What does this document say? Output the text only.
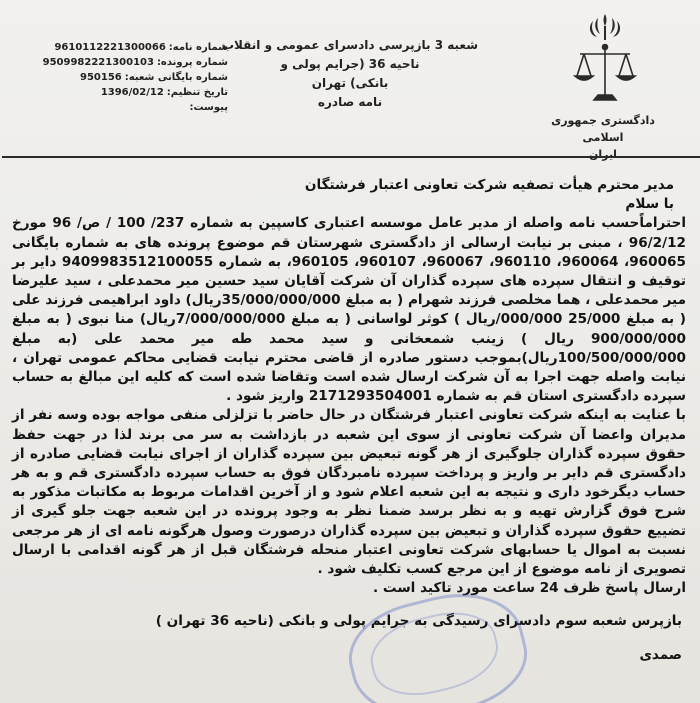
دادگستری جمهوری اسلامی
ایران
شعبه 3 بازپرسی دادسرای عمومی و انقلاب ناحیه 36 (جرایم پولی و
بانکی) تهران
نامه صادره
شماره نامه:
9610112221300066
شماره پرونده:
9509982221300103
شماره بایگانی شعبه:
950156
تاریخ تنظیم:
1396/02/12
پیوست:

مدیر محترم هیأت تصفیه شرکت تعاونی اعتبار فرشتگان

با سلام

احتراماًحسب نامه واصله از مدیر عامل موسسه اعتباری کاسپین به شماره 237/ 100 / ص/ 96 مورخ 96/2/12 ، مبنی بر نیابت ارسالی از دادگستری شهرستان قم موضوع پرونده های به شماره بایگانی 960065، 960064، 960110، 960067، 960107، 960105، به شماره 9409983512100055 دایر بر توقیف و انتقال سپرده های سپرده گذاران آن شرکت آقایان سید حسین میر محمدعلی ، سید علیرضا میر محمدعلی ، هما مخلصی فرزند شهرام ( به مبلغ 35/000/000/000ریال) داود ابراهیمی فرزند علی ( به مبلغ 25/000 000/000/ریال ) کوثر لواسانی ( به مبلغ 7/000/000/000ریال) منا نبوی ( به مبلغ 900/000/000 ریال ) زینب شمعخانی و سید محمد طه میر محمد علی (به مبلغ 100/500/000/000ریال)بموجب دستور صادره از قاضی محترم نیابت قضایی محاکم عمومی تهران ، نیابت واصله جهت اجرا به آن شرکت ارسال شده است وتقاضا شده است که کلیه این مبالغ به حساب سپرده دادگستری استان قم به شماره 2171293504001 واریز شود .

با عنایت به اینکه شرکت تعاونی اعتبار فرشتگان در حال حاضر با تزلزلی منفی مواجه بوده وسه نفر از مدیران واعضا آن شرکت تعاونی از سوی این شعبه در بازداشت به سر می برند لذا در جهت حفظ حقوق سپرده گذاران جلوگیری از هر گونه تبعیض بین سپرده گذاران از اجرای نیابت قضایی صادره از دادگستری قم دایر بر واریز و پرداخت سپرده نامبردگان فوق به حساب سپرده دادگستری قم و به هر حساب دیگرخود داری و نتیجه به این شعبه اعلام شود و از آخرین اقدامات مربوط به مکاتبات مذکور به شرح فوق گزارش تهیه و به نظر برسد ضمنا نظر به وجود پرونده در این شعبه جهت جلو گیری از تضییع حقوق سپرده گذاران و تبعیض بین سپرده گذاران درصورت وصول هرگونه نامه ای از هر مرجعی نسبت به اموال یا حسابهای شرکت تعاونی اعتبار منحله فرشتگان قبل از هر گونه اقدامی با ارسال تصویری از نامه موضوع از این مرجع کسب تکلیف شود .

ارسال پاسخ ظرف 24 ساعت مورد تاکید است .

بازپرس شعبه سوم دادسرای رسیدگی به جرایم پولی و بانکی (ناحیه 36 تهران )

صمدی
